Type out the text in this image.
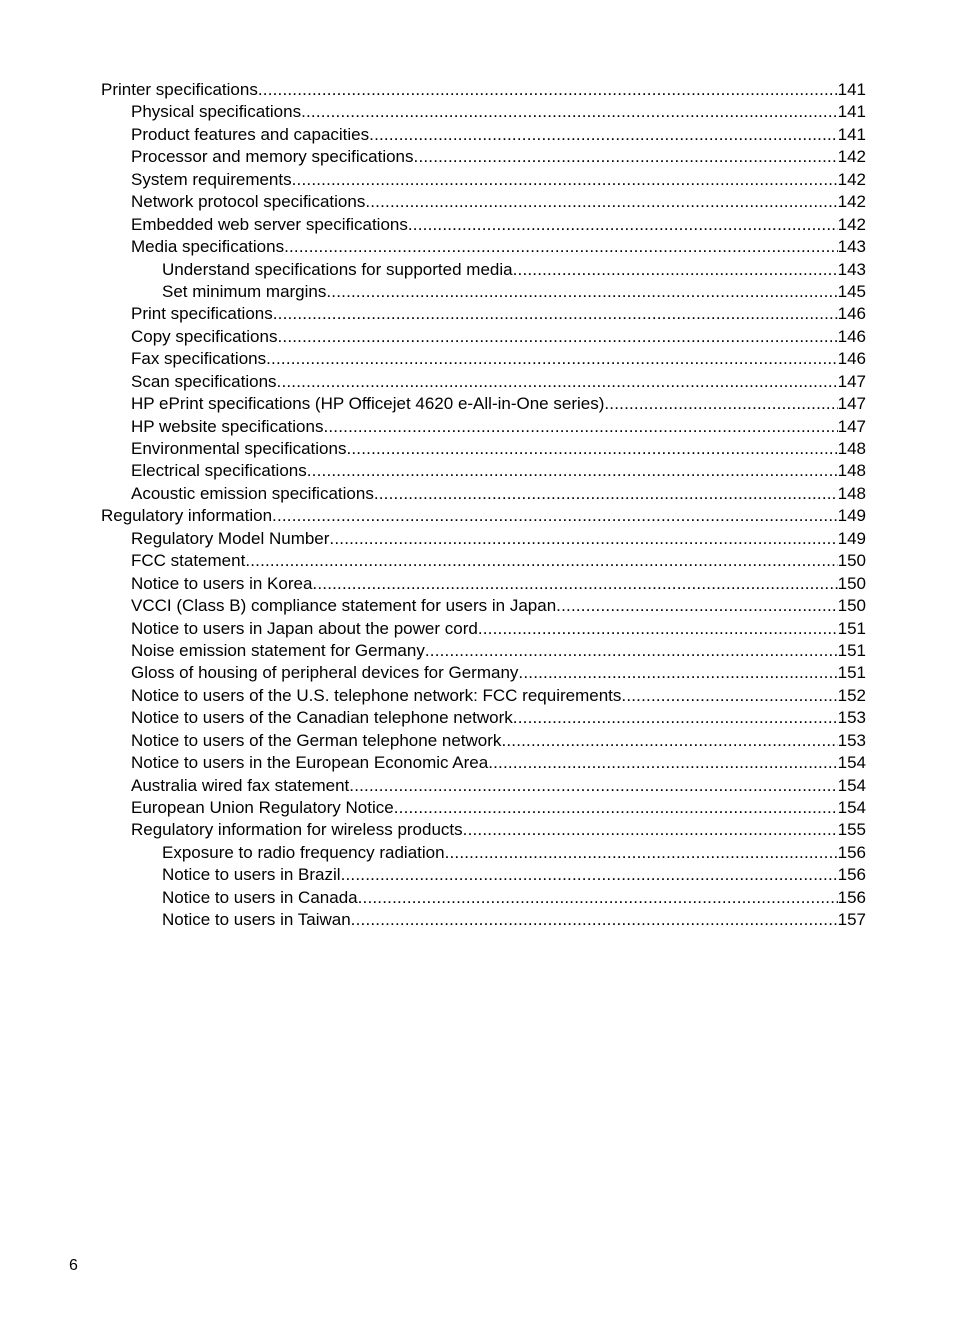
Printer specifications .....	141
Physical specifications .....	141
Product features and capacities .....	141
Processor and memory specifications .....	142
System requirements .....	142
Network protocol specifications .....	142
Embedded web server specifications .....	142
Media specifications .....	143
Understand specifications for supported media .....	143
Set minimum margins .....	145
Print specifications .....	146
Copy specifications .....	146
Fax specifications .....	146
Scan specifications .....	147
HP ePrint specifications (HP Officejet 4620 e-All-in-One series) .....	147
HP website specifications .....	147
Environmental specifications .....	148
Electrical specifications .....	148
Acoustic emission specifications .....	148
Regulatory information .....	149
Regulatory Model Number .....	149
FCC statement .....	150
Notice to users in Korea .....	150
VCCI (Class B) compliance statement for users in Japan .....	150
Notice to users in Japan about the power cord .....	151
Noise emission statement for Germany .....	151
Gloss of housing of peripheral devices for Germany .....	151
Notice to users of the U.S. telephone network: FCC requirements .....	152
Notice to users of the Canadian telephone network .....	153
Notice to users of the German telephone network .....	153
Notice to users in the European Economic Area .....	154
Australia wired fax statement .....	154
European Union Regulatory Notice .....	154
Regulatory information for wireless products .....	155
Exposure to radio frequency radiation .....	156
Notice to users in Brazil .....	156
Notice to users in Canada .....	156
Notice to users in Taiwan .....	157
6
